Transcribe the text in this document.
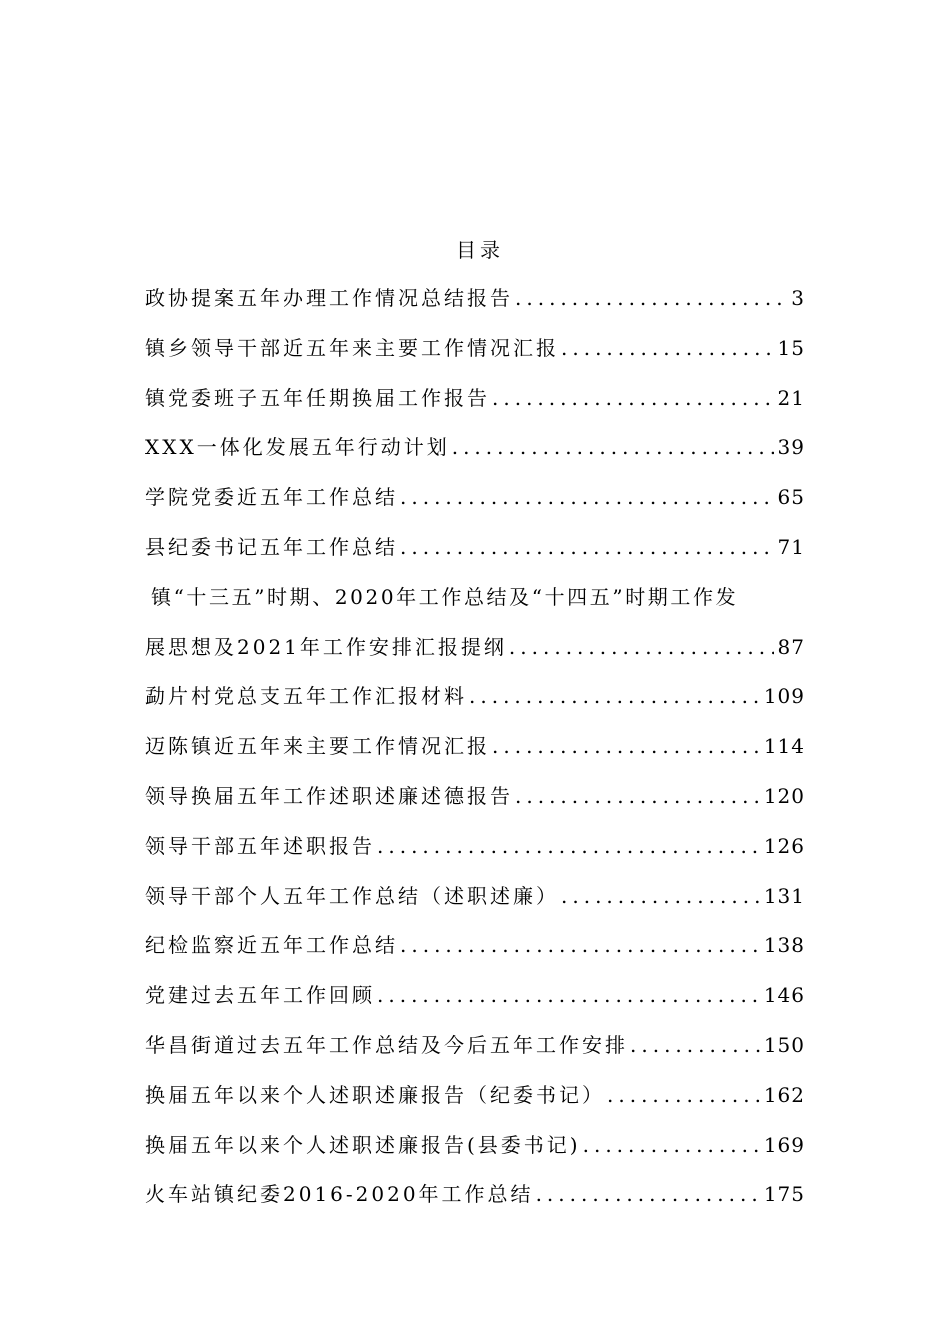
目录
政协提案五年办理工作情况总结报告 .....	3
镇乡领导干部近五年来主要工作情况汇报 .....	15
镇党委班子五年任期换届工作报告 .....	21
XXX一体化发展五年行动计划 .....	39
学院党委近五年工作总结 .....	65
县纪委书记五年工作总结 .....	71
镇“十三五”时期、2020年工作总结及“十四五”时期工作发
展思想及2021年工作安排汇报提纲 .....	87
勐片村党总支五年工作汇报材料 .....	109
迈陈镇近五年来主要工作情况汇报 .....	114
领导换届五年工作述职述廉述德报告 .....	120
领导干部五年述职报告 .....	126
领导干部个人五年工作总结（述职述廉） .....	131
纪检监察近五年工作总结 .....	138
党建过去五年工作回顾 .....	146
华昌街道过去五年工作总结及今后五年工作安排 .....	150
换届五年以来个人述职述廉报告（纪委书记） .....	162
换届五年以来个人述职述廉报告(县委书记) .....	169
火车站镇纪委2016-2020年工作总结 .....	175
